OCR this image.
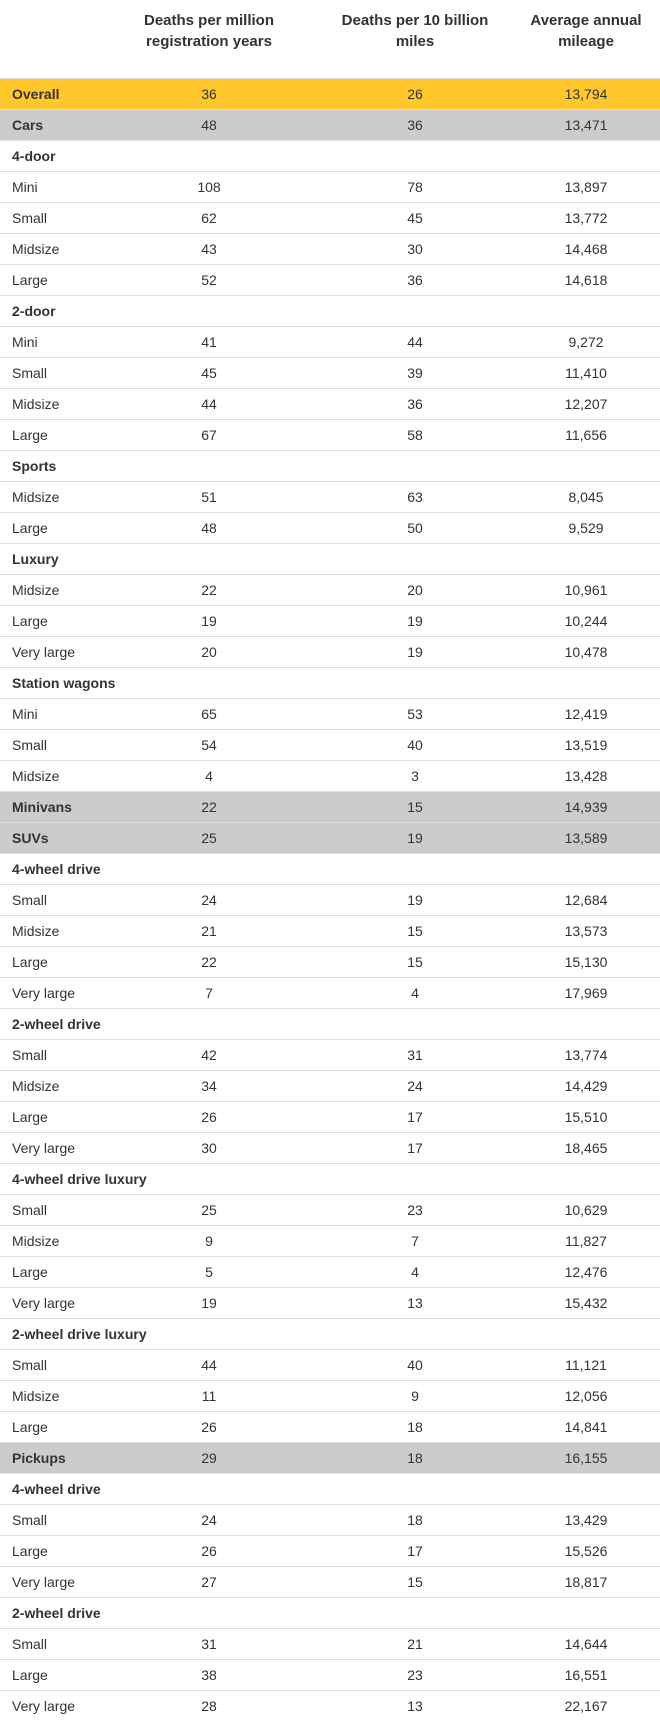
	Deaths per million registration years	Deaths per 10 billion miles	Average annual mileage
Overall	36	26	13,794
Cars	48	36	13,471
4-door			
Mini	108	78	13,897
Small	62	45	13,772
Midsize	43	30	14,468
Large	52	36	14,618
2-door			
Mini	41	44	9,272
Small	45	39	11,410
Midsize	44	36	12,207
Large	67	58	11,656
Sports			
Midsize	51	63	8,045
Large	48	50	9,529
Luxury			
Midsize	22	20	10,961
Large	19	19	10,244
Very large	20	19	10,478
Station wagons			
Mini	65	53	12,419
Small	54	40	13,519
Midsize	4	3	13,428
Minivans	22	15	14,939
SUVs	25	19	13,589
4-wheel drive			
Small	24	19	12,684
Midsize	21	15	13,573
Large	22	15	15,130
Very large	7	4	17,969
2-wheel drive			
Small	42	31	13,774
Midsize	34	24	14,429
Large	26	17	15,510
Very large	30	17	18,465
4-wheel drive luxury			
Small	25	23	10,629
Midsize	9	7	11,827
Large	5	4	12,476
Very large	19	13	15,432
2-wheel drive luxury			
Small	44	40	11,121
Midsize	11	9	12,056
Large	26	18	14,841
Pickups	29	18	16,155
4-wheel drive			
Small	24	18	13,429
Large	26	17	15,526
Very large	27	15	18,817
2-wheel drive			
Small	31	21	14,644
Large	38	23	16,551
Very large	28	13	22,167
